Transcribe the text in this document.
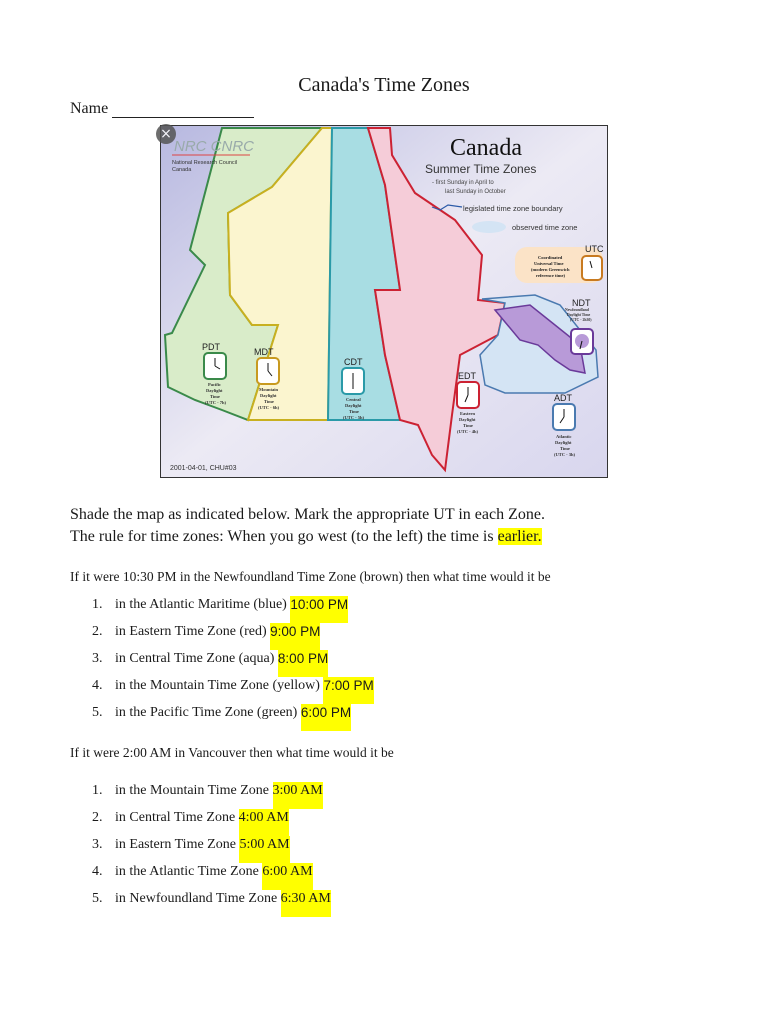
Canada's Time Zones
Name
NRC CNRC
National Research Council
Canada
Canada
Summer Time Zones
- first Sunday in April to
last Sunday in October
legislated time zone boundary
observed time zone
UTC
Coordinated
Universal Time
(modern Greenwich
reference time)
PDT
Pacific
Daylight
Time
(UTC - 7h)
MDT
Mountain
Daylight
Time
(UTC - 6h)
CDT
Central
Daylight
Time
(UTC - 5h)
EDT
Eastern
Daylight
Time
(UTC - 4h)
ADT
Atlantic
Daylight
Time
(UTC - 3h)
NDT
Newfoundland
Daylight Time
(UTC - 2h30)
2001-04-01, CHU#03
×
Shade the map as indicated below. Mark the appropriate UT in each Zone.
The rule for time zones: When you go west (to the left) the time is earlier.
If it were 10:30 PM in the Newfoundland Time Zone (brown) then what time would it be
1. in the Atlantic Maritime (blue)
10:00 PM
2. in Eastern Time Zone (red)
9:00 PM
3. in Central Time Zone (aqua)
8:00 PM
4. in the Mountain Time Zone (yellow)
7:00 PM
5. in the Pacific Time Zone (green)
6:00 PM
If it were 2:00 AM in Vancouver then what time would it be
1. in the Mountain Time Zone
3:00 AM
2. in Central Time Zone
4:00 AM
3. in Eastern Time Zone
5:00 AM
4. in the Atlantic Time Zone
6:00 AM
5. in Newfoundland Time Zone
6:30 AM
